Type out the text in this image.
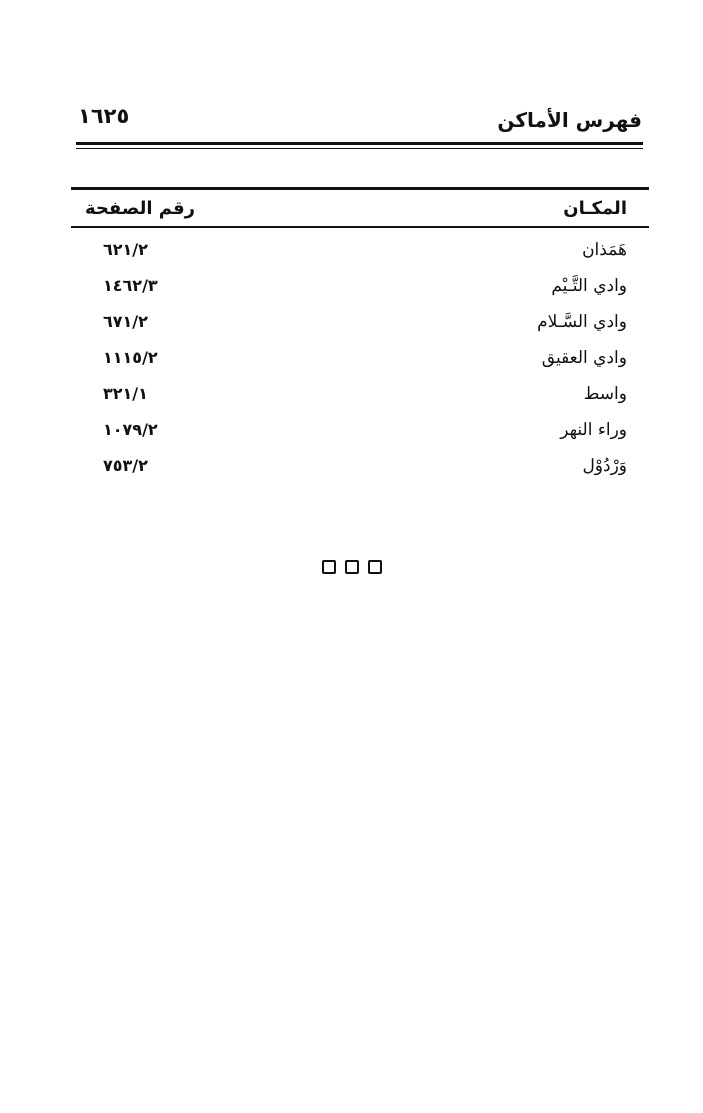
فهرس الأماكن
١٦٢٥
المكـان
رقم الصفحة
هَمَذان
٦٢١/٢
وادي التَّـيْم
١٤٦٢/٣
وادي السَّـلام
٦٧١/٢
وادي العقيق
١١١٥/٢
واسط
٣٢١/١
وراء النهر
١٠٧٩/٢
وَرْدُوْل
٧٥٣/٢
